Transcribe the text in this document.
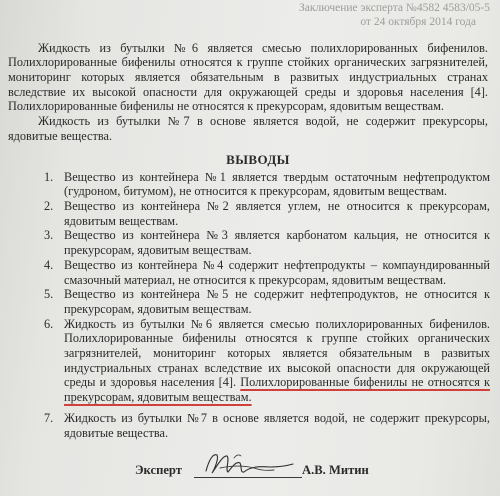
Заключение эксперта №4582 4583/05-5
от 24 октября 2014 года
Жидкость из бутылки №6 является смесью полихлорированных бифенилов.
Полихлорированные бифенилы относятся к группе стойких органических загрязнителей,
мониторинг которых является обязательным в развитых индустриальных странах
вследствие их высокой опасности для окружающей среды и здоровья населения [4].
Полихлорированные бифенилы не относятся к прекурсорам, ядовитым веществам.
Жидкость из бутылки №7 в основе является водой, не содержит прекурсоры,
ядовитые вещества.
ВЫВОДЫ
1. Вещество из контейнера №1 является твердым остаточным нефтепродуктом
(гудроном, битумом), не относится к прекурсорам, ядовитым веществам.
2. Вещество из контейнера №2 является углем, не относится к прекурсорам,
ядовитым веществам.
3. Вещество из контейнера №3 является карбонатом кальция, не относится к
прекурсорам, ядовитым веществам.
4. Вещество из контейнера №4 содержит нефтепродукты – компаундированный
смазочный материал, не относится к прекурсорам, ядовитым веществам.
5. Вещество из контейнера №5 не содержит нефтепродуктов, не относится к
прекурсорам, ядовитым веществам.
6. Жидкость из бутылки №6 является смесью полихлорированных бифенилов.
Полихлорированные бифенилы относятся к группе стойких органических
загрязнителей, мониторинг которых является обязательным в развитых
индустриальных странах вследствие их высокой опасности для окружающей
среды и здоровья населения [4]. Полихлорированные бифенилы не относятся к
прекурсорам, ядовитым веществам.
7. Жидкость из бутылки №7 в основе является водой, не содержит прекурсоры,
ядовитые вещества.
Эксперт	А.В. Митин
